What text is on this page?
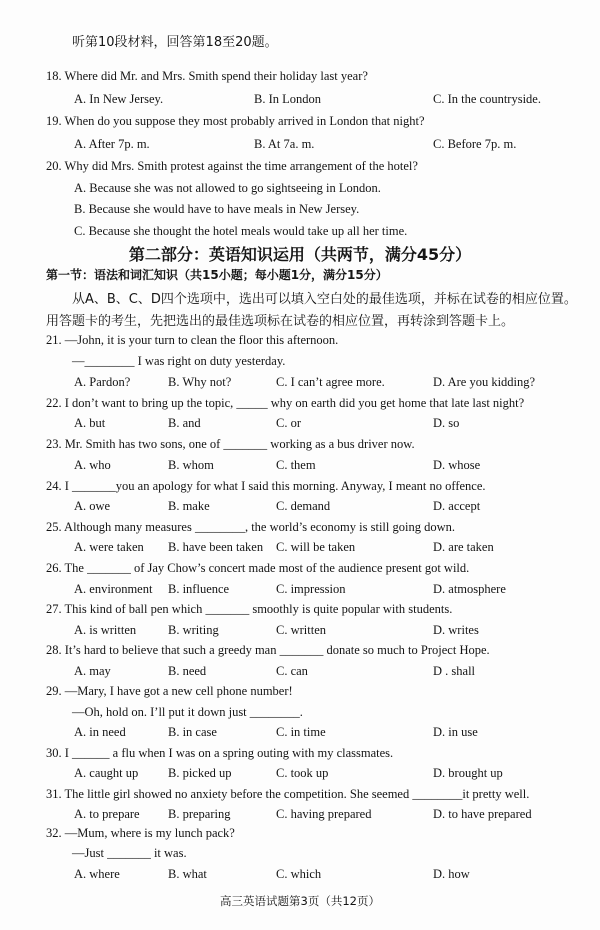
听第10段材料，回答第18至20题。
18. Where did Mr. and Mrs. Smith spend their holiday last year?
A. In New Jersey.	B. In London	C. In the countryside.
19. When do you suppose they most probably arrived in London that night?
A. After 7p. m.	B. At 7a. m.	C. Before 7p. m.
20. Why did Mrs. Smith protest against the time arrangement of the hotel?
A. Because she was not allowed to go sightseeing in London.
B. Because she would have to have meals in New Jersey.
C. Because she thought the hotel meals would take up all her time.
第二部分：英语知识运用（共两节，满分45分）
第一节：语法和词汇知识（共15小题；每小题1分，满分15分）
从A、B、C、D四个选项中，选出可以填入空白处的最佳选项，并标在试卷的相应位置。
用答题卡的考生，先把选出的最佳选项标在试卷的相应位置，再转涂到答题卡上。
21. —John, it is your turn to clean the floor this afternoon.
—________ I was right on duty yesterday.
A. Pardon?	B. Why not?	C. I can’t agree more.	D. Are you kidding?
22. I don’t want to bring up the topic, _____ why on earth did you get home that late last night?
A. but	B. and	C. or	D. so
23. Mr. Smith has two sons, one of _______ working as a bus driver now.
A. who	B. whom	C. them	D. whose
24. I _______you an apology for what I said this morning. Anyway, I meant no offence.
A. owe	B. make	C. demand	D. accept
25. Although many measures ________, the world’s economy is still going down.
A. were taken B. have been taken C. will be taken	D. are taken
26. The _______ of Jay Chow’s concert made most of the audience present got wild.
A. environment B. influence	C. impression	D. atmosphere
27. This kind of ball pen which _______ smoothly is quite popular with students.
A. is written	B. writing	C. written	D. writes
28. It’s hard to believe that such a greedy man _______ donate so much to Project Hope.
A. may	B. need	C. can	D . shall
29. —Mary, I have got a new cell phone number!
—Oh, hold on. I’ll put it down just ________.
A. in need	B. in case	C. in time	D. in use
30. I ______ a flu when I was on a spring outing with my classmates.
A. caught up B. picked up	C. took up	D. brought up
31. The little girl showed no anxiety before the competition. She seemed ________it pretty well.
A. to prepare B. preparing	C. having prepared	D. to have prepared
32. —Mum, where is my lunch pack?
—Just _______ it was.
A. where	B. what	C. which	D. how
高三英语试题第3页（共12页）
